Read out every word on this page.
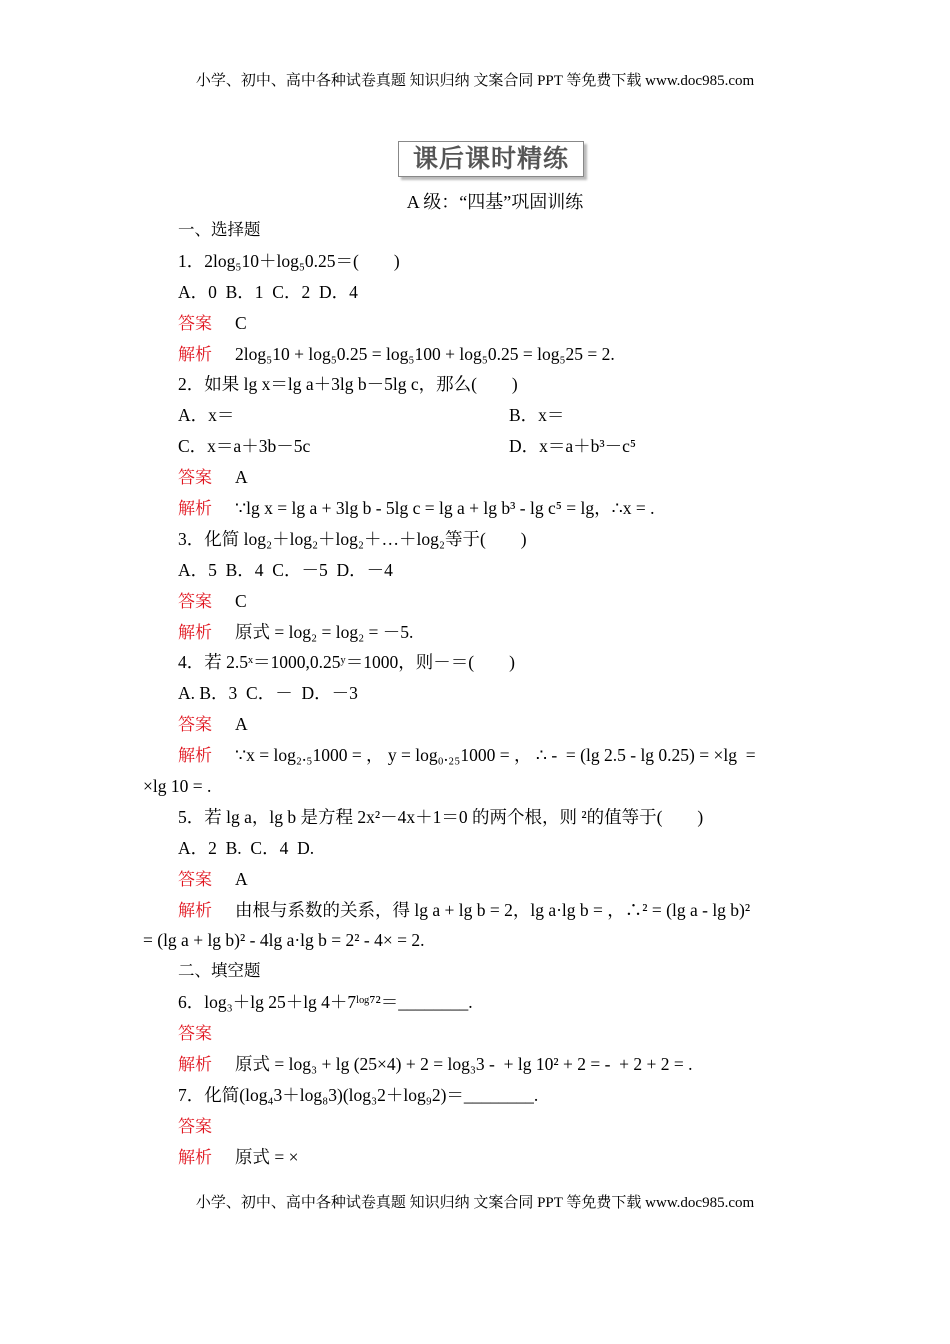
小学、初中、高中各种试卷真题 知识归纳 文案合同 PPT 等免费下载 www.doc985.com
课后课时精练
A 级：“四基”巩固训练
一、选择题
1．2log₅10＋log₅0.25＝(　　)
A．0  B．1  C．2  D．4
答案 C
解析 2log₅10 + log₅0.25 = log₅100 + log₅0.25 = log₅25 = 2.
2．如果 lg x＝lg a＋3lg b－5lg c，那么(　　)
A．x＝	B．x＝
C．x＝a＋3b－5c	D．x＝a＋b³－c⁵
答案 A
解析 ∵lg x = lg a + 3lg b - 5lg c = lg a + lg b³ - lg c⁵ = lg，∴x = .
3．化简 log₂＋log₂＋log₂＋…＋log₂等于(　　)
A．5  B．4  C．－5  D．－4
答案 C
解析 原式 = log₂ = log₂ = －5.
4．若 2.5ˣ＝1000,0.25ʸ＝1000，则－＝(　　)
A. B．3  C．－  D．－3
答案 A
解析 ∵x = log₂.₅1000 = ， y = log₀.₂₅1000 = ， ∴ -  = (lg 2.5 - lg 0.25) = ×lg  =
×lg 10 = .
5．若 lg a，lg b 是方程 2x²－4x＋1＝0 的两个根，则 ²的值等于(　　)
A．2  B.  C．4  D.
答案 A
解析 由根与系数的关系，得 lg a + lg b = 2，lg a·lg b = ，∴² = (lg a - lg b)²
= (lg a + lg b)² - 4lg a·lg b = 2² - 4× = 2.
二、填空题
6．log₃＋lg 25＋lg 4＋7ˡᵒᵍ⁷²＝________.
答案
解析 原式 = log₃ + lg (25×4) + 2 = log₃3 -  + lg 10² + 2 = -  + 2 + 2 = .
7．化简(log₄3＋log₈3)(log₃2＋log₉2)＝________.
答案
解析 原式 = ×
小学、初中、高中各种试卷真题 知识归纳 文案合同 PPT 等免费下载 www.doc985.com
